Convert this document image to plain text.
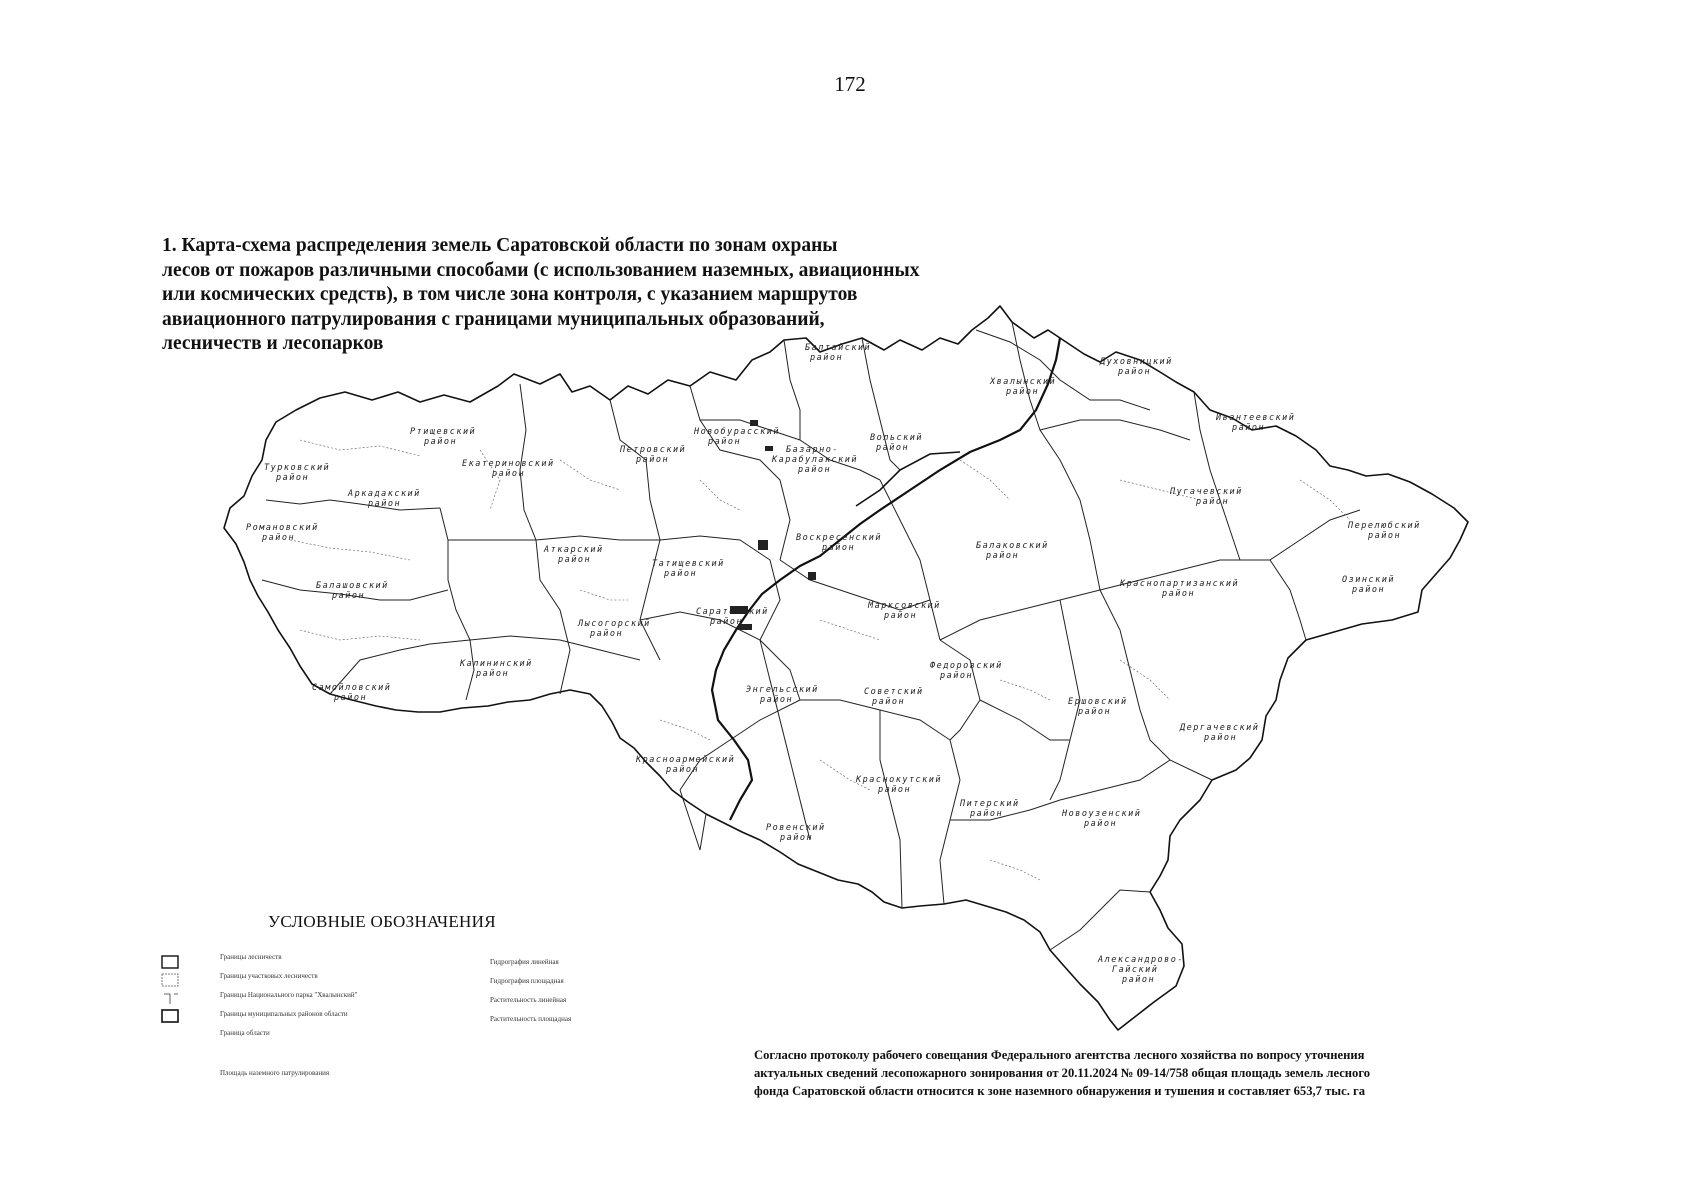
172
1. Карта-схема распределения земель Саратовской области по зонам охраны
лесов от пожаров различными способами (с использованием наземных, авиационных
или космических средств), в том числе зона контроля, с указанием маршрутов
авиационного патрулирования с границами муниципальных образований,
лесничеств и лесопарков	Балтайский район
Хвалынский район
Духовницкий район
Ртищевский район
Новобурасский район	Вольский район
Ивантеевский район
Турковский район
Екатериновский район
Петровский район
Базарно-Карабулакский район
Аркадакский район
Пугачевский район
Романовский район
Перелюбский район
Воскресенский район
Аткарский район	Татищевский район
Балаковский район
Озинский район
Балашовский район
Краснопартизанский район
Саратовский район
Лысогорский район
Марксовский район
Калининский район
Федоровский район
Самойловский район
Энгельсский район
Советский район	Ершовский район
Дергачевский район
Красноармейский район
Краснокутский район
Питерский район	Новоузенский район
Ровенский район
Александрово-Гайский район
УСЛОВНЫЕ ОБОЗНАЧЕНИЯ
Границы лесничеств
Границы участковых лесничеств
Границы Национального парка "Хвалынский"
Границы муниципальных районов области
Граница области
Площадь наземного патрулирования
Гидрография линейная
Гидрография площадная
Растительность линейная
Растительность площадная
Согласно протоколу рабочего совещания Федерального агентства лесного хозяйства по вопросу уточнения
актуальных сведений лесопожарного зонирования от 20.11.2024 № 09-14/758 общая площадь земель лесного
фонда Саратовской области относится к зоне наземного обнаружения и тушения и составляет 653,7 тыс. га
